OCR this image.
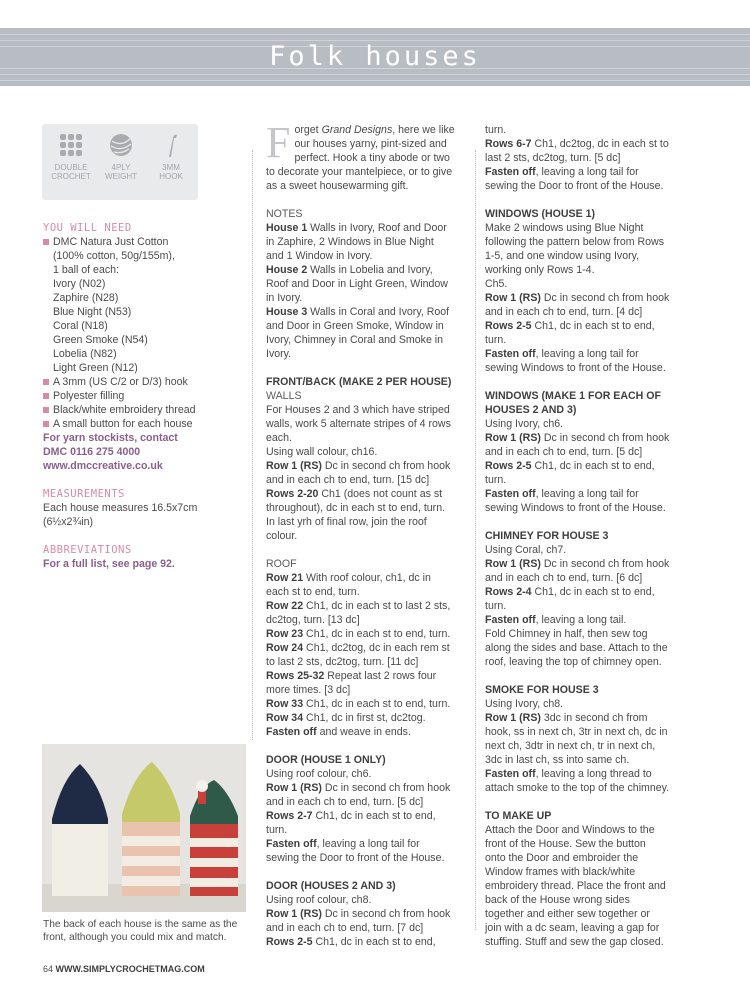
Folk houses
DOUBLE
CROCHET
4PLY
WEIGHT
3MM
HOOK
YOU WILL NEED
DMC Natura Just Cotton
(100% cotton, 50g/155m),
1 ball of each:
Ivory (N02)
Zaphire (N28)
Blue Night (N53)
Coral (N18)
Green Smoke (N54)
Lobelia (N82)
Light Green (N12)
A 3mm (US C/2 or D/3) hook
Polyester filling
Black/white embroidery thread
A small button for each house
For yarn stockists, contact
DMC 0116 275 4000
www.dmccreative.co.uk
MEASUREMENTS
Each house measures 16.5x7cm
(6½x2¾in)
ABBREVIATIONS
For a full list, see page 92.
F orget Grand Designs, here we like
our houses yarny, pint-sized and
perfect. Hook a tiny abode or two
to decorate your mantelpiece, or to give
as a sweet housewarming gift.
NOTES
House 1 Walls in Ivory, Roof and Door
in Zaphire, 2 Windows in Blue Night
and 1 Window in Ivory.
House 2 Walls in Lobelia and Ivory,
Roof and Door in Light Green, Window
in Ivory.
House 3 Walls in Coral and Ivory, Roof
and Door in Green Smoke, Window in
Ivory, Chimney in Coral and Smoke in
Ivory.
FRONT/BACK (MAKE 2 PER HOUSE)
WALLS
For Houses 2 and 3 which have striped
walls, work 5 alternate stripes of 4 rows
each.
Using wall colour, ch16.
Row 1 (RS) Dc in second ch from hook
and in each ch to end, turn. [15 dc]
Rows 2-20 Ch1 (does not count as st
throughout), dc in each st to end, turn.
In last yrh of final row, join the roof
colour.
ROOF
Row 21 With roof colour, ch1, dc in
each st to end, turn.
Row 22 Ch1, dc in each st to last 2 sts,
dc2tog, turn. [13 dc]
Row 23 Ch1, dc in each st to end, turn.
Row 24 Ch1, dc2tog, dc in each rem st
to last 2 sts, dc2tog, turn. [11 dc]
Rows 25-32 Repeat last 2 rows four
more times. [3 dc]
Row 33 Ch1, dc in each st to end, turn.
Row 34 Ch1, dc in first st, dc2tog.
Fasten off and weave in ends.
DOOR (HOUSE 1 ONLY)
Using roof colour, ch6.
Row 1 (RS) Dc in second ch from hook
and in each ch to end, turn. [5 dc]
Rows 2-7 Ch1, dc in each st to end,
turn.
Fasten off, leaving a long tail for
sewing the Door to front of the House.
DOOR (HOUSES 2 AND 3)
Using roof colour, ch8.
Row 1 (RS) Dc in second ch from hook
and in each ch to end, turn. [7 dc]
Rows 2-5 Ch1, dc in each st to end,
turn.
Rows 6-7 Ch1, dc2tog, dc in each st to
last 2 sts, dc2tog, turn. [5 dc]
Fasten off, leaving a long tail for
sewing the Door to front of the House.
WINDOWS (HOUSE 1)
Make 2 windows using Blue Night
following the pattern below from Rows
1-5, and one window using Ivory,
working only Rows 1-4.
Ch5.
Row 1 (RS) Dc in second ch from hook
and in each ch to end, turn. [4 dc]
Rows 2-5 Ch1, dc in each st to end,
turn.
Fasten off, leaving a long tail for
sewing Windows to front of the House.
WINDOWS (MAKE 1 FOR EACH OF
HOUSES 2 AND 3)
Using Ivory, ch6.
Row 1 (RS) Dc in second ch from hook
and in each ch to end, turn. [5 dc]
Rows 2-5 Ch1, dc in each st to end,
turn.
Fasten off, leaving a long tail for
sewing Windows to front of the House.
CHIMNEY FOR HOUSE 3
Using Coral, ch7.
Row 1 (RS) Dc in second ch from hook
and in each ch to end, turn. [6 dc]
Rows 2-4 Ch1, dc in each st to end,
turn.
Fasten off, leaving a long tail.
Fold Chimney in half, then sew tog
along the sides and base. Attach to the
roof, leaving the top of chimney open.
SMOKE FOR HOUSE 3
Using Ivory, ch8.
Row 1 (RS) 3dc in second ch from
hook, ss in next ch, 3tr in next ch, dc in
next ch, 3dtr in next ch, tr in next ch,
3dc in last ch, ss into same ch.
Fasten off, leaving a long thread to
attach smoke to the top of the chimney.
TO MAKE UP
Attach the Door and Windows to the
front of the House. Sew the button
onto the Door and embroider the
Window frames with black/white
embroidery thread. Place the front and
back of the House wrong sides
together and either sew together or
join with a dc seam, leaving a gap for
stuffing. Stuff and sew the gap closed.
The back of each house is the same as the
front, although you could mix and match.
64 WWW.SIMPLYCROCHETMAG.COM
